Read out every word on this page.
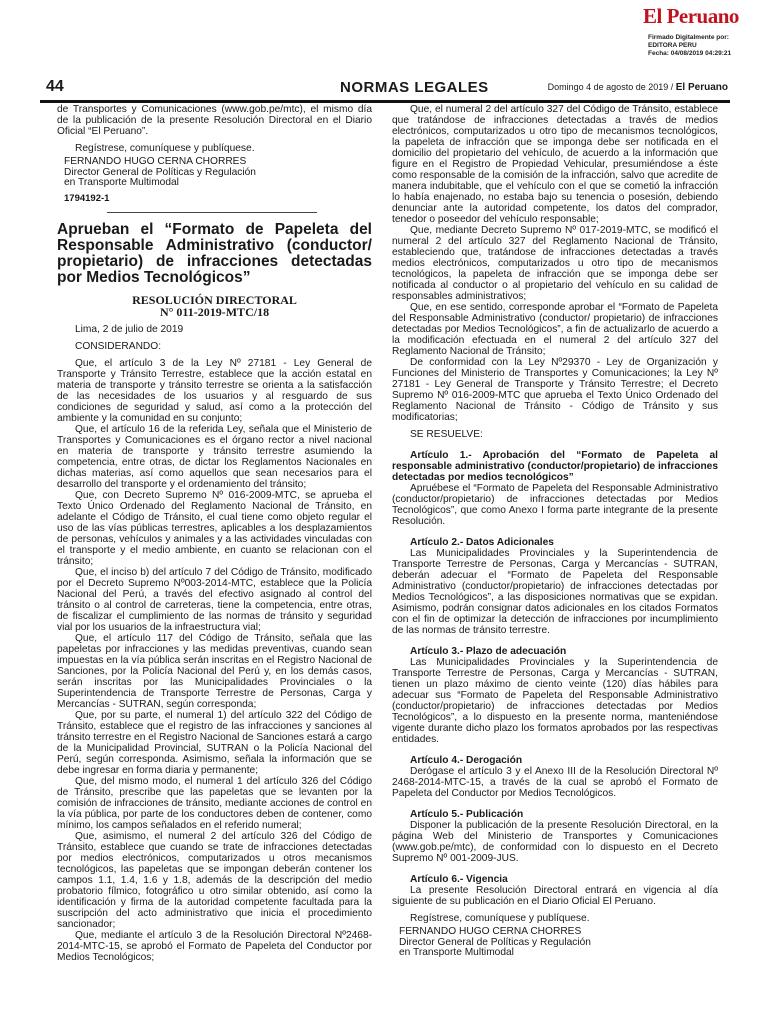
El Peruano
Firmado Digitalmente por:
EDITORA PERU
Fecha: 04/08/2019 04:29:21
44	NORMAS LEGALES	Domingo 4 de agosto de 2019 / El Peruano

de Transportes y Comunicaciones (www.gob.pe/mtc), el mismo día de la publicación de la presente Resolución Directoral en el Diario Oficial “El Peruano”.

Regístrese, comuníquese y publíquese.

FERNANDO HUGO CERNA CHORRES
Director General de Políticas y Regulación
en Transporte Multimodal
1794192-1
Aprueban el “Formato de Papeleta del Responsable Administrativo (conductor/ propietario) de infracciones detectadas por Medios Tecnológicos”
RESOLUCIÓN DIRECTORAL
N° 011-2019-MTC/18

Lima, 2 de julio de 2019

CONSIDERANDO:

Que, el artículo 3 de la Ley Nº 27181 - Ley General de Transporte y Tránsito Terrestre, establece que la acción estatal en materia de transporte y tránsito terrestre se orienta a la satisfacción de las necesidades de los usuarios y al resguardo de sus condiciones de seguridad y salud, así como a la protección del ambiente y la comunidad en su conjunto;

Que, el artículo 16 de la referida Ley, señala que el Ministerio de Transportes y Comunicaciones es el órgano rector a nivel nacional en materia de transporte y tránsito terrestre asumiendo la competencia, entre otras, de dictar los Reglamentos Nacionales en dichas materias, así como aquellos que sean necesarios para el desarrollo del transporte y el ordenamiento del tránsito;

Que, con Decreto Supremo Nº 016-2009-MTC, se aprueba el Texto Único Ordenado del Reglamento Nacional de Tránsito, en adelante el Código de Tránsito, el cual tiene como objeto regular el uso de las vías públicas terrestres, aplicables a los desplazamientos de personas, vehículos y animales y a las actividades vinculadas con el transporte y el medio ambiente, en cuanto se relacionan con el tránsito;

Que, el inciso b) del artículo 7 del Código de Tránsito, modificado por el Decreto Supremo Nº003-2014-MTC, establece que la Policía Nacional del Perú, a través del efectivo asignado al control del tránsito o al control de carreteras, tiene la competencia, entre otras, de fiscalizar el cumplimiento de las normas de tránsito y seguridad vial por los usuarios de la infraestructura vial;

Que, el artículo 117 del Código de Tránsito, señala que las papeletas por infracciones y las medidas preventivas, cuando sean impuestas en la vía pública serán inscritas en el Registro Nacional de Sanciones, por la Policía Nacional del Perú y, en los demás casos, serán inscritas por las Municipalidades Provinciales o la Superintendencia de Transporte Terrestre de Personas, Carga y Mercancías - SUTRAN, según corresponda;

Que, por su parte, el numeral 1) del artículo 322 del Código de Tránsito, establece que el registro de las infracciones y sanciones al tránsito terrestre en el Registro Nacional de Sanciones estará a cargo de la Municipalidad Provincial, SUTRAN o la Policía Nacional del Perú, según corresponda. Asimismo, señala la información que se debe ingresar en forma diaria y permanente;

Que, del mismo modo, el numeral 1 del artículo 326 del Código de Tránsito, prescribe que las papeletas que se levanten por la comisión de infracciones de tránsito, mediante acciones de control en la vía pública, por parte de los conductores deben de contener, como mínimo, los campos señalados en el referido numeral;

Que, asimismo, el numeral 2 del artículo 326 del Código de Tránsito, establece que cuando se trate de infracciones detectadas por medios electrónicos, computarizados u otros mecanismos tecnológicos, las papeletas que se impongan deberán contener los campos 1.1, 1.4, 1.6 y 1.8, además de la descripción del medio probatorio fílmico, fotográfico u otro similar obtenido, así como la identificación y firma de la autoridad competente facultada para la suscripción del acto administrativo que inicia el procedimiento sancionador;

Que, mediante el artículo 3 de la Resolución Directoral Nº2468-2014-MTC-15, se aprobó el Formato de Papeleta del Conductor por Medios Tecnológicos;

Que, el numeral 2 del artículo 327 del Código de Tránsito, establece que tratándose de infracciones detectadas a través de medios electrónicos, computarizados u otro tipo de mecanismos tecnológicos, la papeleta de infracción que se imponga debe ser notificada en el domicilio del propietario del vehículo, de acuerdo a la información que figure en el Registro de Propiedad Vehicular, presumiéndose a éste como responsable de la comisión de la infracción, salvo que acredite de manera indubitable, que el vehículo con el que se cometió la infracción lo había enajenado, no estaba bajo su tenencia o posesión, debiendo denunciar ante la autoridad competente, los datos del comprador, tenedor o poseedor del vehículo responsable;

Que, mediante Decreto Supremo Nº 017-2019-MTC, se modificó el numeral 2 del artículo 327 del Reglamento Nacional de Tránsito, estableciendo que, tratándose de infracciones detectadas a través medios electrónicos, computarizados u otro tipo de mecanismos tecnológicos, la papeleta de infracción que se imponga debe ser notificada al conductor o al propietario del vehículo en su calidad de responsables administrativos;

Que, en ese sentido, corresponde aprobar el “Formato de Papeleta del Responsable Administrativo (conductor/ propietario) de infracciones detectadas por Medios Tecnológicos”, a fin de actualizarlo de acuerdo a la modificación efectuada en el numeral 2 del artículo 327 del Reglamento Nacional de Tránsito;

De conformidad con la Ley Nº29370 - Ley de Organización y Funciones del Ministerio de Transportes y Comunicaciones; la Ley Nº 27181 - Ley General de Transporte y Tránsito Terrestre; el Decreto Supremo Nº 016-2009-MTC que aprueba el Texto Único Ordenado del Reglamento Nacional de Tránsito - Código de Tránsito y sus modificatorias;

SE RESUELVE:

Artículo 1.- Aprobación del “Formato de Papeleta al responsable administrativo (conductor/propietario) de infracciones detectadas por medios tecnológicos”

Apruébese el “Formato de Papeleta del Responsable Administrativo (conductor/propietario) de infracciones detectadas por Medios Tecnológicos”, que como Anexo I forma parte integrante de la presente Resolución.

Artículo 2.- Datos Adicionales

Las Municipalidades Provinciales y la Superintendencia de Transporte Terrestre de Personas, Carga y Mercancías - SUTRAN, deberán adecuar el “Formato de Papeleta del Responsable Administrativo (conductor/propietario) de infracciones detectadas por Medios Tecnológicos”, a las disposiciones normativas que se expidan. Asimismo, podrán consignar datos adicionales en los citados Formatos con el fin de optimizar la detección de infracciones por incumplimiento de las normas de tránsito terrestre.

Artículo 3.- Plazo de adecuación

Las Municipalidades Provinciales y la Superintendencia de Transporte Terrestre de Personas, Carga y Mercancías - SUTRAN, tienen un plazo máximo de ciento veinte (120) días hábiles para adecuar sus “Formato de Papeleta del Responsable Administrativo (conductor/propietario) de infracciones detectadas por Medios Tecnológicos”, a lo dispuesto en la presente norma, manteniéndose vigente durante dicho plazo los formatos aprobados por las respectivas entidades.

Artículo 4.- Derogación

Derógase el artículo 3 y el Anexo III de la Resolución Directoral Nº 2468-2014-MTC-15, a través de la cual se aprobó el Formato de Papeleta del Conductor por Medios Tecnológicos.

Artículo 5.- Publicación

Disponer la publicación de la presente Resolución Directoral, en la página Web del Ministerio de Transportes y Comunicaciones (www.gob.pe/mtc), de conformidad con lo dispuesto en el Decreto Supremo Nº 001-2009-JUS.

Artículo 6.- Vigencia

La presente Resolución Directoral entrará en vigencia al día siguiente de su publicación en el Diario Oficial El Peruano.

Regístrese, comuníquese y publíquese.

FERNANDO HUGO CERNA CHORRES
Director General de Políticas y Regulación
en Transporte Multimodal
